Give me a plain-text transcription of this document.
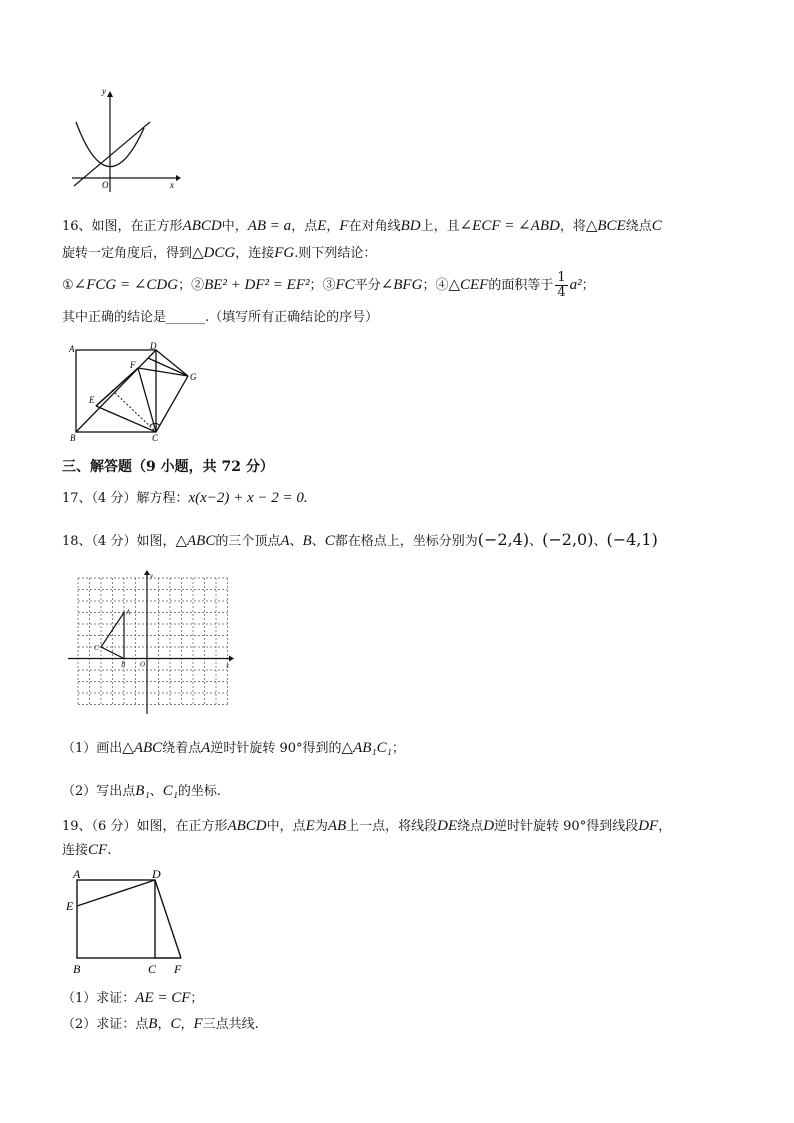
y
x
O
16、如图，在正方形ABCD中，AB = a，点E，F在对角线BD上，且∠ECF = ∠ABD，将△BCE绕点C
旋转一定角度后，得到△DCG，连接FG.则下列结论：
①∠FCG = ∠CDG；②BE² + DF² = EF²；③FC平分∠BFG；④△CEF的面积等于 $\frac{1}{4} a^2$；
其中正确的结论是______.（填写所有正确结论的序号）
A	D
F
G
E
B	C
三、解答题（9 小题，共 72 分）
17、（4 分）解方程：x(x−2) + x − 2 = 0.
18、（4 分）如图，△ABC的三个顶点A、B、C都在格点上，坐标分别为(−2,4)、(−2,0)、(−4,1)
A
B
C
O	x
y
（1）画出△ABC绕着点A逆时针旋转 90°得到的△AB₁C₁；
（2）写出点B₁、C₁的坐标.
19、（6 分）如图，在正方形ABCD中，点E为AB上一点，将线段DE绕点D逆时针旋转 90°得到线段DF，
连接CF.
A	D
E
B	C F
（1）求证：AE = CF；
（2）求证：点B，C，F三点共线.
